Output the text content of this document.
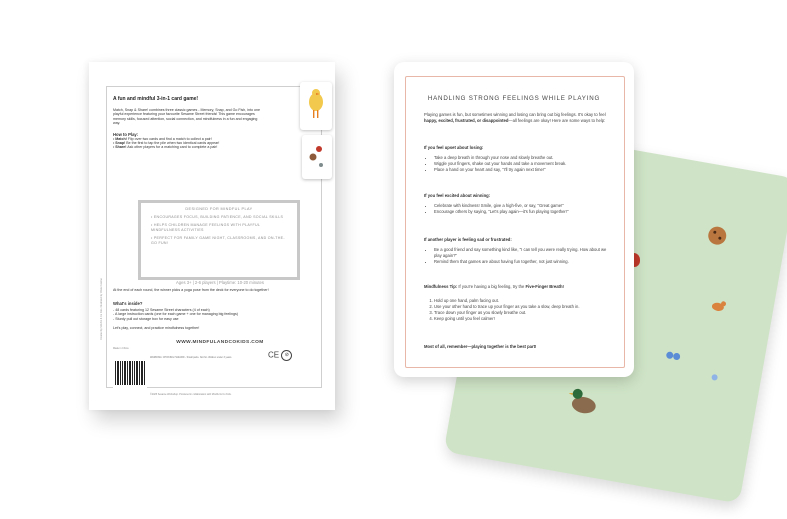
A fun and mindful 3-in-1 card game!
Match, Snap & Share! combines three classic games - Memory, Snap, and Go Fish, into one playful experience featuring your favourite Sesame Street friends! This game encourages memory skills, focused attention, social connection, and mindfulness in a fun and engaging way.
How to Play:
• Match! Flip over two cards and find a match to collect a pair!
• Snap! Be the first to tap the pile when two identical cards appear!
• Share! Ask other players for a matching card to complete a pair!
DESIGNED FOR MINDFUL PLAY
• ENCOURAGES FOCUS, BUILDING PATIENCE, AND SOCIAL SKILLS
• HELPS CHILDREN MANAGE FEELINGS WITH PLAYFUL MINDFULNESS ACTIVITIES
• PERFECT FOR FAMILY GAME NIGHT, CLASSROOMS, AND ON-THE-GO FUN!
Ages 3+ | 2-6 players | Playtime: 10-20 minutes
At the end of each round, the winner picks a yoga pose from the deck for everyone to do together!
What's inside?
- 48 cards featuring 12 Sesame Street characters (4 of each)
- A large instruction cards (one for each game + one for managing big feelings)
- Sturdy pull out storage box for easy use
Let's play, connect, and practice mindfulness together!
WWW.MINDFULANDCOKIDS.COM
WARNING: CHOKING HAZARD - Small parts. Not for children under 3 years.	CE ⊘
©2025 Sesame Workshop. Produced in collaboration with Mindful & Co Kids.
Made in China
Created by Mindful & Co Kids. Illustrated by Olivia Cosimo
HANDLING STRONG FEELINGS WHILE PLAYING
Playing games is fun, but sometimes winning and losing can bring out big feelings. It's okay to feel happy, excited, frustrated, or disappointed—all feelings are okay! Here are some ways to help:
If you feel upset about losing:
• Take a deep breath in through your nose and slowly breathe out.
• Wiggle your fingers, shake out your hands and take a movement break.
• Place a hand on your heart and say, "I'll try again next time!"
If you feel excited about winning:
• Celebrate with kindness! Smile, give a high-five, or say, "Great game!"
• Encourage others by saying, "Let's play again—it's fun playing together!"
If another player is feeling sad or frustrated:
• Be a good friend and say something kind like, "I can tell you were really trying. How about we play again?"
• Remind them that games are about having fun together, not just winning.
Mindfulness Tip: If you're having a big feeling, try the Five-Finger Breath!
1. Hold up one hand, palm facing out.
2. Use your other hand to trace up your finger as you take a slow, deep breath in.
3. Trace down your finger as you slowly breathe out.
4. Keep going until you feel calmer!
Most of all, remember—playing together is the best part!
